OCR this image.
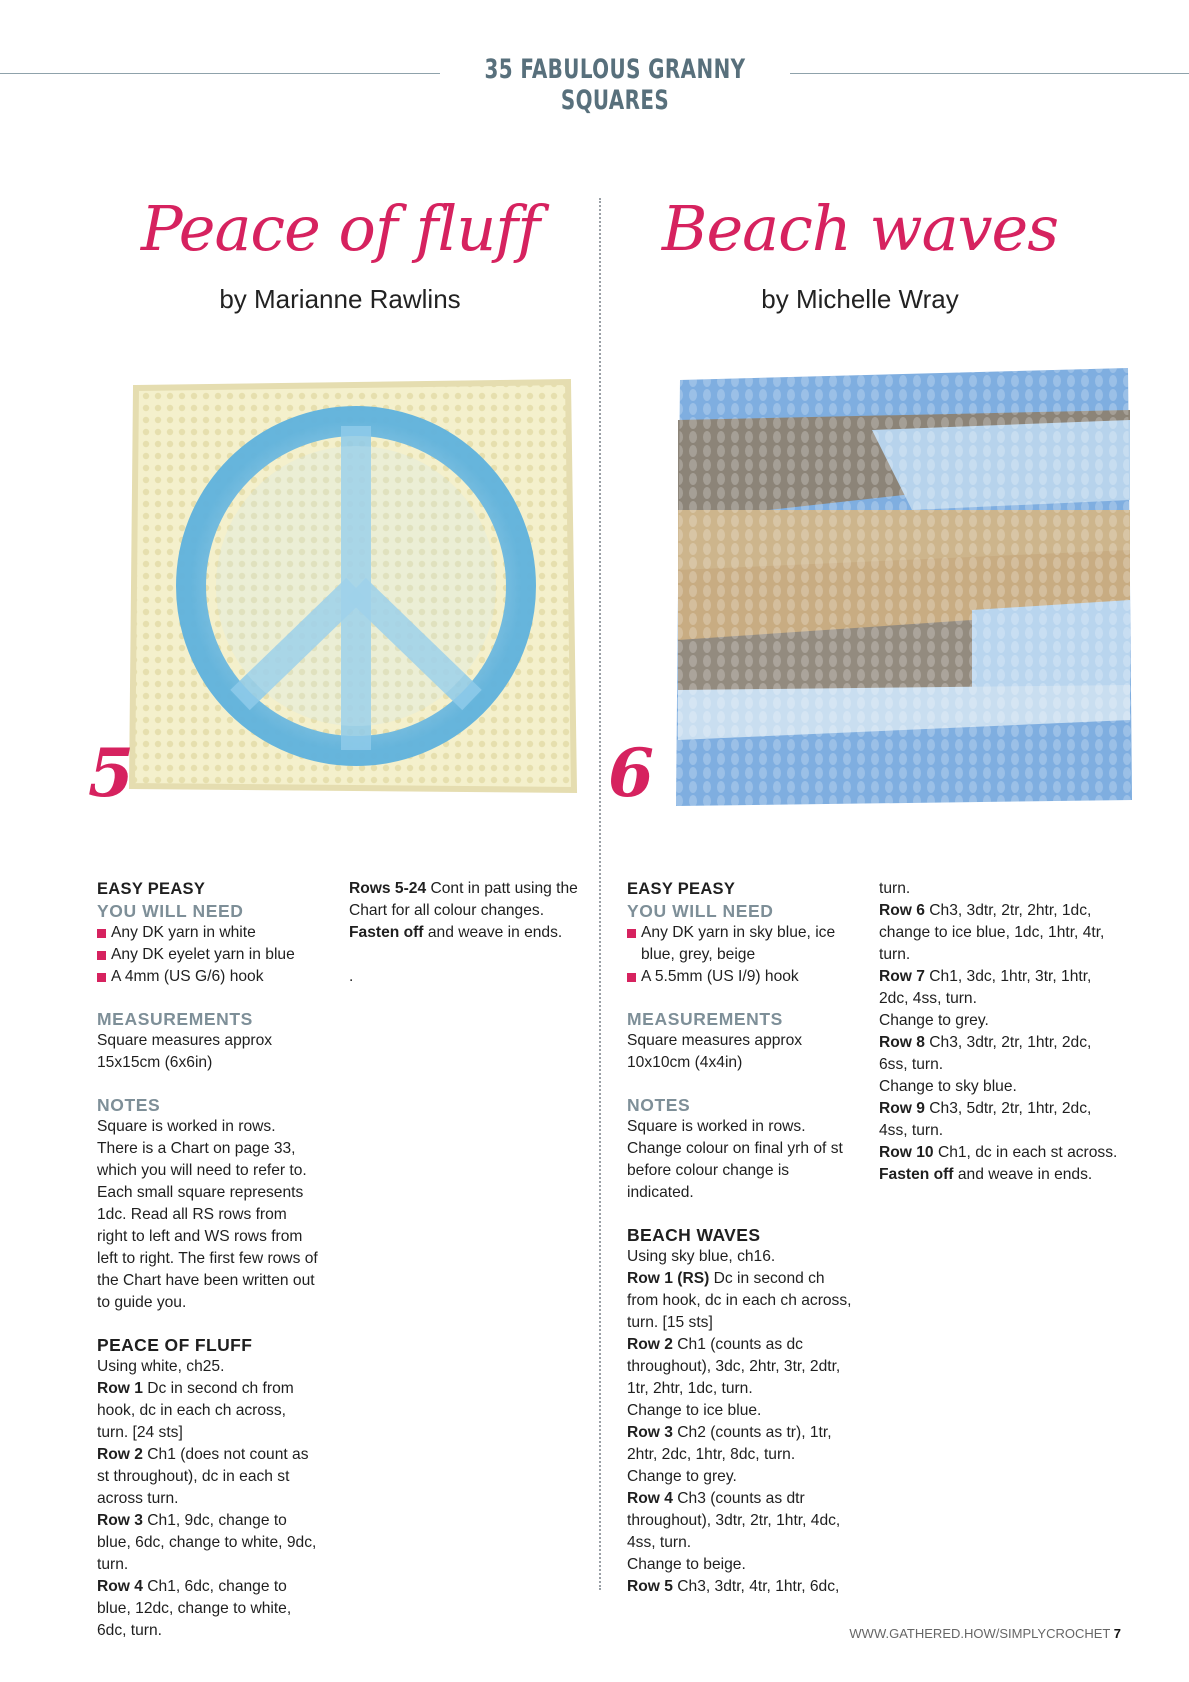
35 FABULOUS GRANNY SQUARES
Peace of fluff
by Marianne Rawlins
5
Beach waves
by Michelle Wray
6

EASY PEASY

YOU WILL NEED

Any DK yarn in white

Any DK eyelet yarn in blue

A 4mm (US G/6) hook

MEASUREMENTS

Square measures approx 15x15cm (6x6in)

NOTES

Square is worked in rows. There is a Chart on page 33, which you will need to refer to. Each small square represents 1dc. Read all RS rows from right to left and WS rows from left to right. The first few rows of the Chart have been written out to guide you.

PEACE OF FLUFF

Using white, ch25.

Row 1 Dc in second ch from hook, dc in each ch across, turn. [24 sts]

Row 2 Ch1 (does not count as st throughout), dc in each st across turn.

Row 3 Ch1, 9dc, change to blue, 6dc, change to white, 9dc, turn.

Row 4 Ch1, 6dc, change to blue, 12dc, change to white, 6dc, turn.

Rows 5-24 Cont in patt using the Chart for all colour changes.

Fasten off and weave in ends.

.

EASY PEASY

YOU WILL NEED

Any DK yarn in sky blue, ice blue, grey, beige

A 5.5mm (US I/9) hook

MEASUREMENTS

Square measures approx 10x10cm (4x4in)

NOTES

Square is worked in rows. Change colour on final yrh of st before colour change is indicated.

BEACH WAVES

Using sky blue, ch16.

Row 1 (RS) Dc in second ch from hook, dc in each ch across, turn. [15 sts]

Row 2 Ch1 (counts as dc throughout), 3dc, 2htr, 3tr, 2dtr, 1tr, 2htr, 1dc, turn.

Change to ice blue.

Row 3 Ch2 (counts as tr), 1tr, 2htr, 2dc, 1htr, 8dc, turn.

Change to grey.

Row 4 Ch3 (counts as dtr throughout), 3dtr, 2tr, 1htr, 4dc, 4ss, turn.

Change to beige.

Row 5 Ch3, 3dtr, 4tr, 1htr, 6dc,

turn.

Row 6 Ch3, 3dtr, 2tr, 2htr, 1dc, change to ice blue, 1dc, 1htr, 4tr, turn.

Row 7 Ch1, 3dc, 1htr, 3tr, 1htr, 2dc, 4ss, turn.

Change to grey.

Row 8 Ch3, 3dtr, 2tr, 1htr, 2dc, 6ss, turn.

Change to sky blue.

Row 9 Ch3, 5dtr, 2tr, 1htr, 2dc, 4ss, turn.

Row 10 Ch1, dc in each st across.

Fasten off and weave in ends.

WWW.GATHERED.HOW/SIMPLYCROCHET 7
